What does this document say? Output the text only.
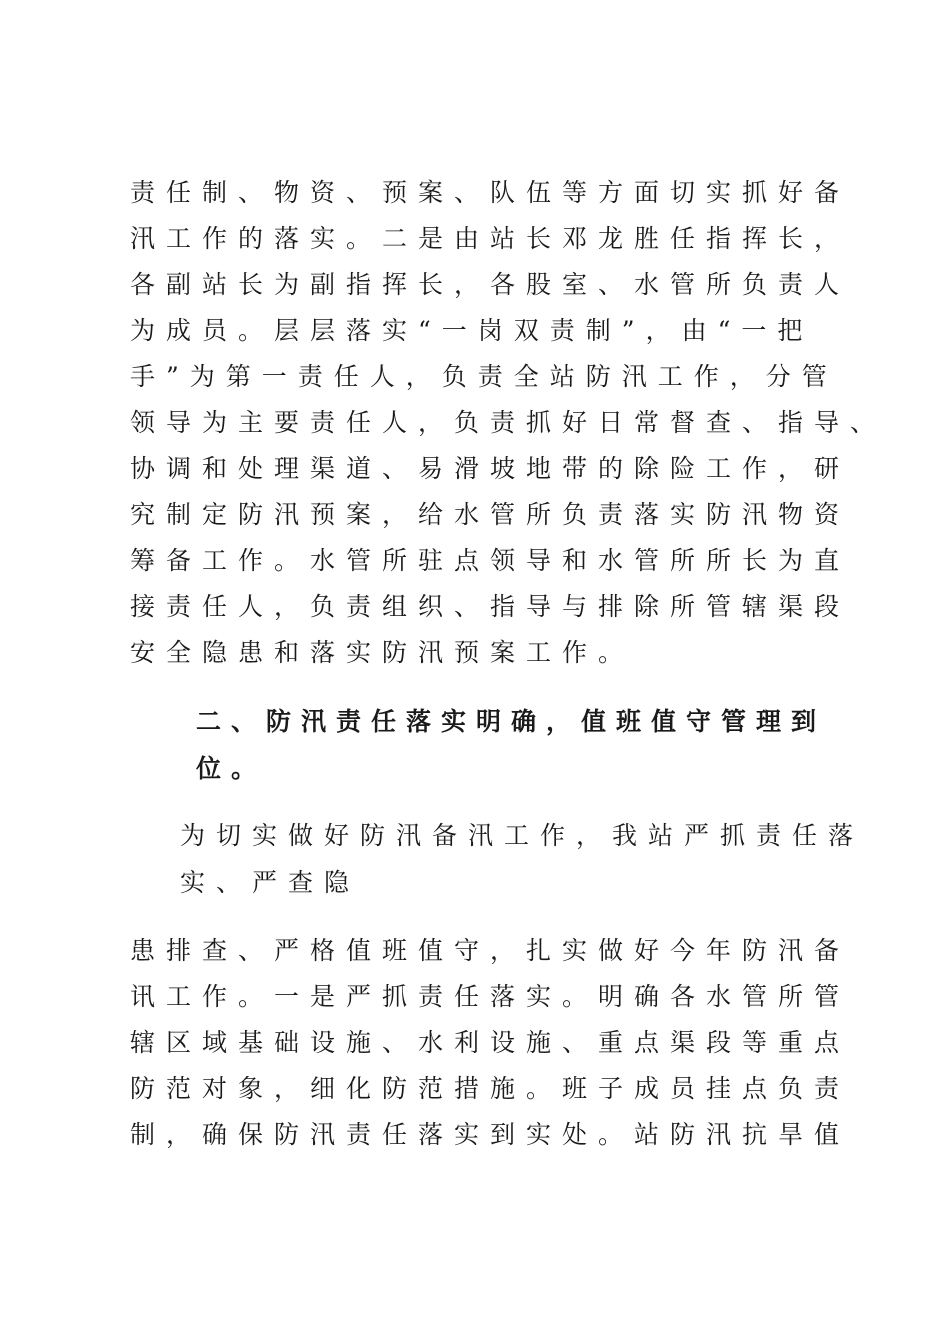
责任制、物资、预案、队伍等方面切实抓好备
汛工作的落实。二是由站长邓龙胜任指挥长，
各副站长为副指挥长，各股室、水管所负责人
为成员。层层落实“一岗双责制”，由“一把
手”为第一责任人，负责全站防汛工作，分管
领导为主要责任人，负责抓好日常督查、指导、
协调和处理渠道、易滑坡地带的除险工作，研
究制定防汛预案，给水管所负责落实防汛物资
筹备工作。水管所驻点领导和水管所所长为直
接责任人，负责组织、指导与排除所管辖渠段
安全隐患和落实防汛预案工作。
二、防汛责任落实明确，值班值守管理到
位。
为切实做好防汛备汛工作，我站严抓责任落
实、严查隐
患排查、严格值班值守，扎实做好今年防汛备
讯工作。一是严抓责任落实。明确各水管所管
辖区域基础设施、水利设施、重点渠段等重点
防范对象，细化防范措施。班子成员挂点负责
制，确保防汛责任落实到实处。站防汛抗旱值
